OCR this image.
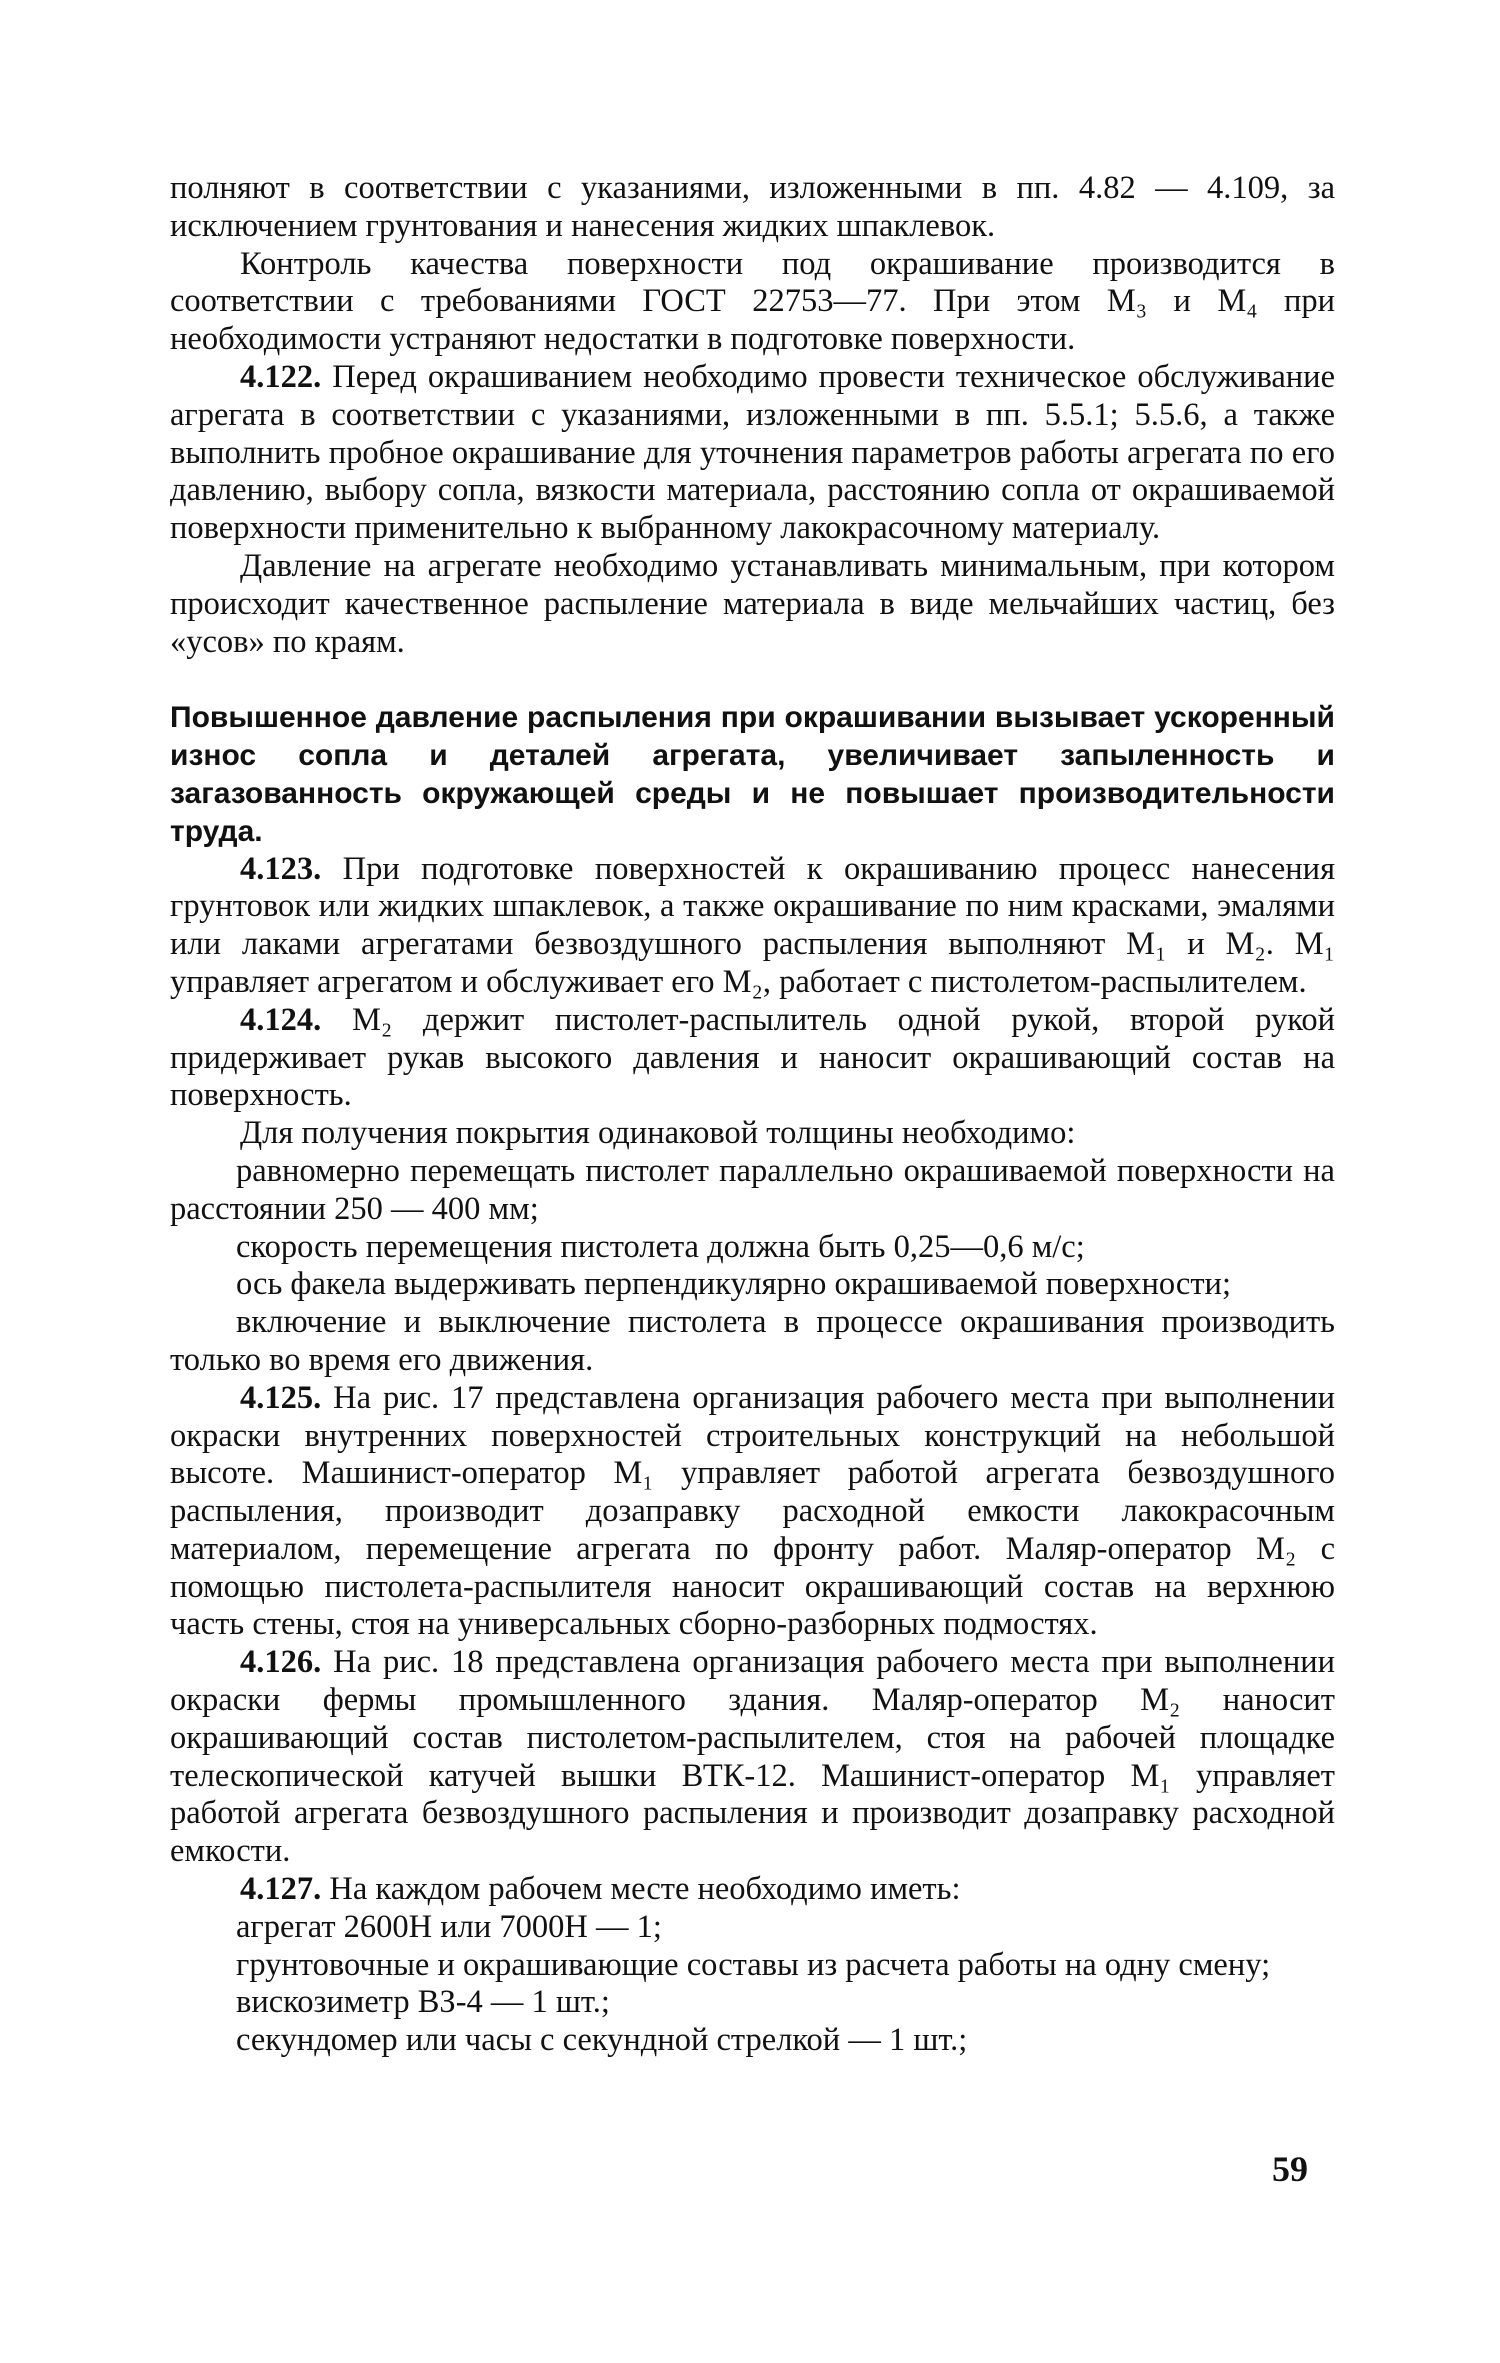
полняют в соответствии с указаниями, изложенными в пп. 4.82 — 4.109, за исключением грунтования и нанесения жидких шпаклевок.

Контроль качества поверхности под окрашивание производится в соответствии с требованиями ГОСТ 22753—77. При этом М₃ и М₄ при необходимости устраняют недостатки в подготовке поверхности.

4.122. Перед окрашиванием необходимо провести техническое обслуживание агрегата в соответствии с указаниями, изложенными в пп. 5.5.1; 5.5.6, а также выполнить пробное окрашивание для уточнения параметров работы агрегата по его давлению, выбору сопла, вязкости материала, расстоянию сопла от окрашиваемой поверхности применительно к выбранному лакокрасочному материалу.

Давление на агрегате необходимо устанавливать минимальным, при котором происходит качественное распыление материала в виде мельчайших частиц, без «усов» по краям.

Повышенное давление распыления при окрашивании вызывает ускоренный износ сопла и деталей агрегата, увеличивает запыленность и загазованность окружающей среды и не повышает производительности труда.

4.123. При подготовке поверхностей к окрашиванию процесс нанесения грунтовок или жидких шпаклевок, а также окрашивание по ним красками, эмалями или лаками агрегатами безвоздушного распыления выполняют М₁ и М₂. М₁ управляет агрегатом и обслуживает его М₂, работает с пистолетом-распылителем.

4.124. М₂ держит пистолет-распылитель одной рукой, второй рукой придерживает рукав высокого давления и наносит окрашивающий состав на поверхность.

Для получения покрытия одинаковой толщины необходимо:

равномерно перемещать пистолет параллельно окрашиваемой поверхности на расстоянии 250 — 400 мм;

скорость перемещения пистолета должна быть 0,25—0,6 м/с;

ось факела выдерживать перпендикулярно окрашиваемой поверхности;

включение и выключение пистолета в процессе окрашивания производить только во время его движения.

4.125. На рис. 17 представлена организация рабочего места при выполнении окраски внутренних поверхностей строительных конструкций на небольшой высоте. Машинист-оператор М₁ управляет работой агрегата безвоздушного распыления, производит дозаправку расходной емкости лакокрасочным материалом, перемещение агрегата по фронту работ. Маляр-оператор М₂ с помощью пистолета-распылителя наносит окрашивающий состав на верхнюю часть стены, стоя на универсальных сборно-разборных подмостях.

4.126. На рис. 18 представлена организация рабочего места при выполнении окраски фермы промышленного здания. Маляр-оператор М₂ наносит окрашивающий состав пистолетом-распылителем, стоя на рабочей площадке телескопической катучей вышки ВТК-12. Машинист-оператор М₁ управляет работой агрегата безвоздушного распыления и производит дозаправку расходной емкости.

4.127. На каждом рабочем месте необходимо иметь:

агрегат 2600Н или 7000Н — 1;

грунтовочные и окрашивающие составы из расчета работы на одну смену;

вискозиметр ВЗ-4 — 1 шт.;

секундомер или часы с секундной стрелкой — 1 шт.;

59
